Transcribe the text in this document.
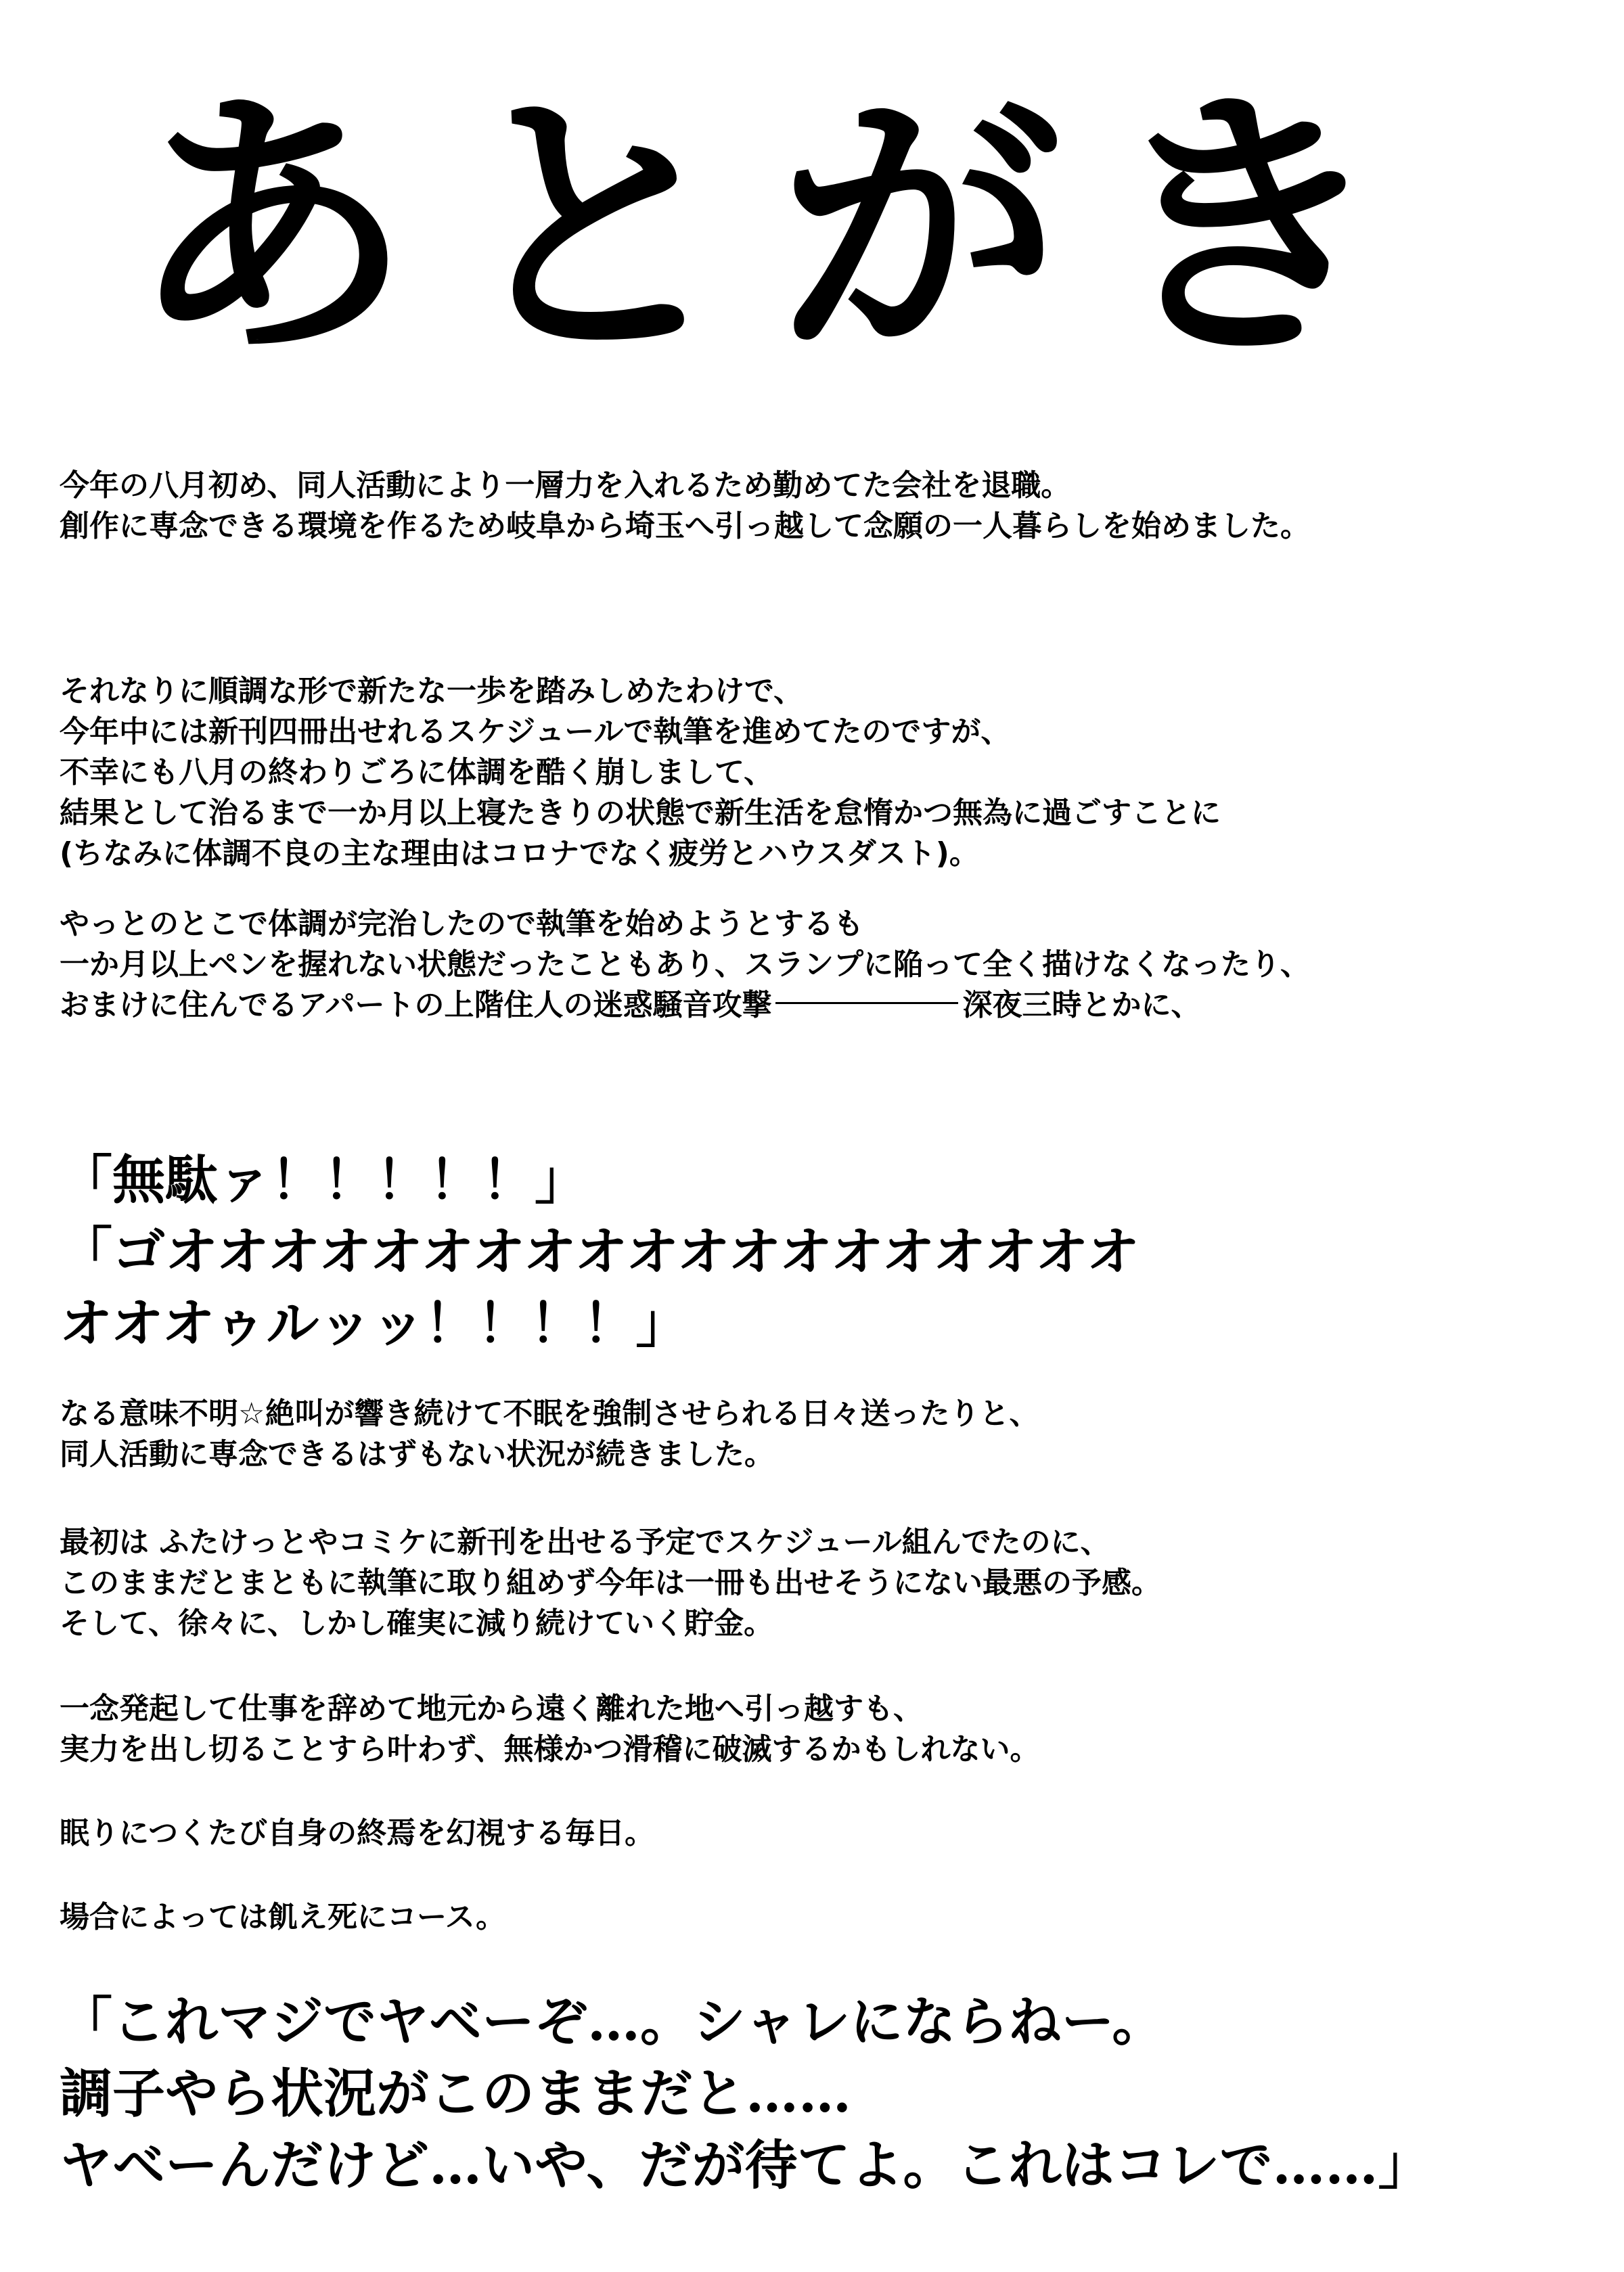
あとがき
今年の八月初め、同人活動により一層力を入れるため勤めてた会社を退職。
創作に専念できる環境を作るため岐阜から埼玉へ引っ越して念願の一人暮らしを始めました。
それなりに順調な形で新たな一歩を踏みしめたわけで、
今年中には新刊四冊出せれるスケジュールで執筆を進めてたのですが、
不幸にも八月の終わりごろに体調を酷く崩しまして、
結果として治るまで一か月以上寝たきりの状態で新生活を怠惰かつ無為に過ごすことに
(ちなみに体調不良の主な理由はコロナでなく疲労とハウスダスト)。
やっとのとこで体調が完治したので執筆を始めようとするも
一か月以上ペンを握れない状態だったこともあり、スランプに陥って全く描けなくなったり、
おまけに住んでるアパートの上階住人の迷惑騒音攻撃	深夜三時とかに、
「無駄ァ！！！！！」
「ゴオオオオオオオオオオオオオオオオオオオ
オオオゥルッッ！！！！」
なる意味不明☆絶叫が響き続けて不眠を強制させられる日々送ったりと、
同人活動に専念できるはずもない状況が続きました。
最初は ふたけっとやコミケに新刊を出せる予定でスケジュール組んでたのに、
このままだとまともに執筆に取り組めず今年は一冊も出せそうにない最悪の予感。
そして、徐々に、しかし確実に減り続けていく貯金。
一念発起して仕事を辞めて地元から遠く離れた地へ引っ越すも、
実力を出し切ることすら叶わず、無様かつ滑稽に破滅するかもしれない。
眠りにつくたび自身の終焉を幻視する毎日。
場合によっては飢え死にコース。
「これマジでヤベーぞ…。シャレにならねー。
調子やら状況がこのままだと……
ヤベーんだけど…いや、だが待てよ。これはコレで……」
